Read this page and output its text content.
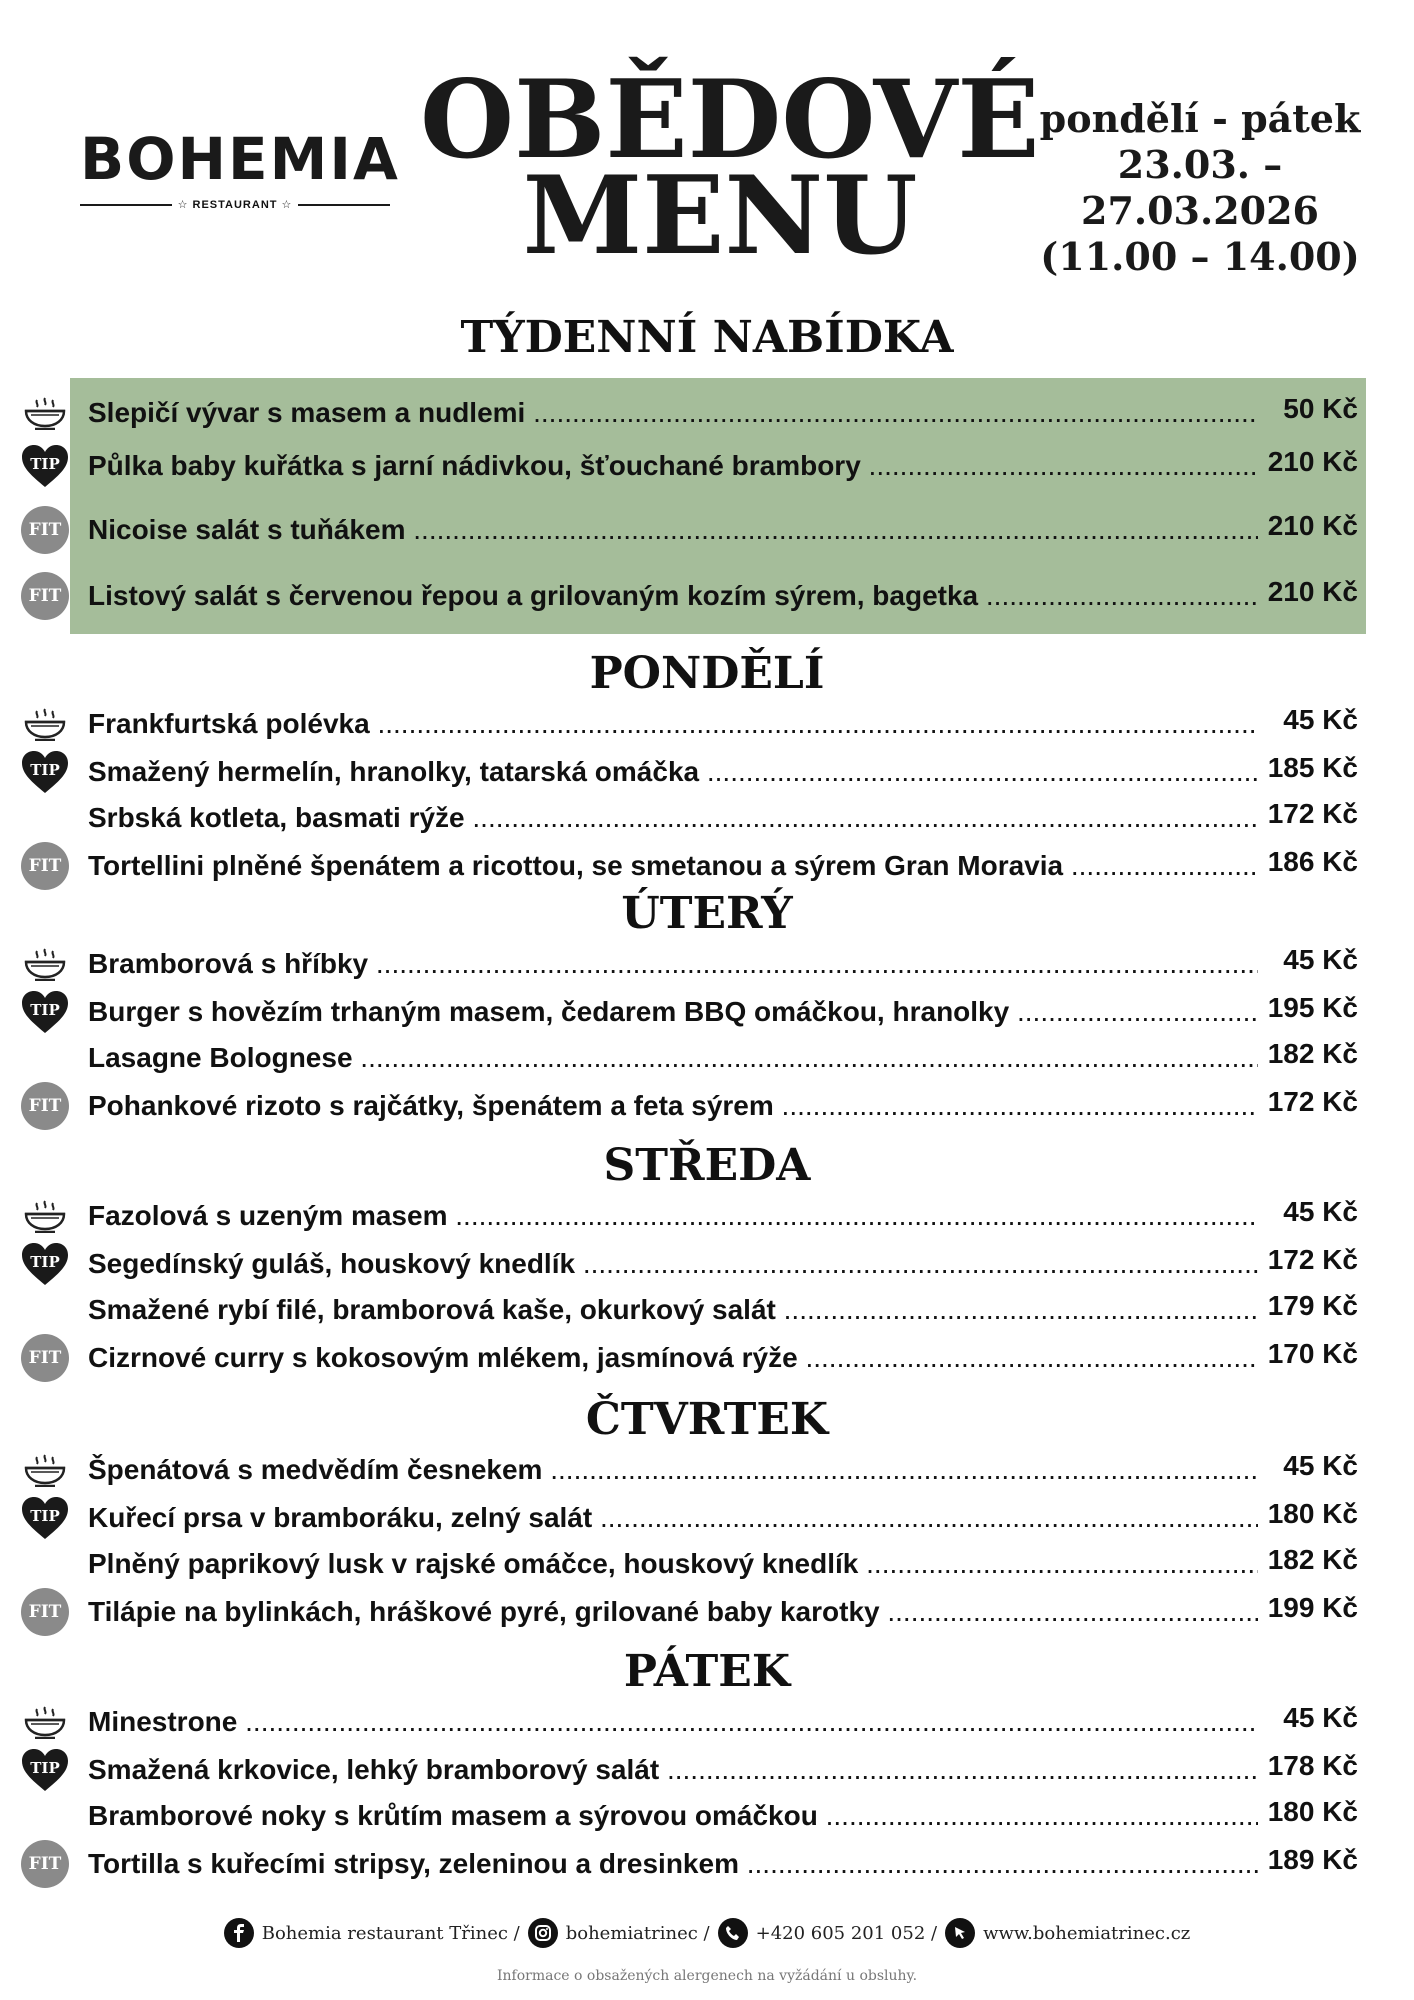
BOHEMIA
☆ RESTAURANT ☆
OBĚDOVÉ
MENU
pondělí - pátek
23.03. – 27.03.2026
(11.00 – 14.00)
TÝDENNÍ NABÍDKA
Slepičí vývar s masem a nudlemi .....	50 Kč
TIP	Půlka baby kuřátka s jarní nádivkou, šťouchané brambory .....	210 Kč
FIT Nicoise salát s tuňákem .....	210 Kč
FIT Listový salát s červenou řepou a grilovaným kozím sýrem, bagetka .....	210 Kč
PONDĚLÍ
Frankfurtská polévka .....	45 Kč
TIP	Smažený hermelín, hranolky, tatarská omáčka .....	185 Kč
Srbská kotleta, basmati rýže .....	172 Kč
FIT Tortellini plněné špenátem a ricottou, se smetanou a sýrem Gran Moravia .....	186 Kč
ÚTERÝ
Bramborová s hříbky .....	45 Kč
TIP	Burger s hovězím trhaným masem, čedarem BBQ omáčkou, hranolky .....	195 Kč
Lasagne Bolognese .....	182 Kč
FIT Pohankové rizoto s rajčátky, špenátem a feta sýrem .....	172 Kč
STŘEDA
Fazolová s uzeným masem .....	45 Kč
TIP	Segedínský guláš, houskový knedlík .....	172 Kč
Smažené rybí filé, bramborová kaše, okurkový salát .....	179 Kč
FIT Cizrnové curry s kokosovým mlékem, jasmínová rýže .....	170 Kč
ČTVRTEK
Špenátová s medvědím česnekem .....	45 Kč
TIP	Kuřecí prsa v bramboráku, zelný salát .....	180 Kč
Plněný paprikový lusk v rajské omáčce, houskový knedlík .....	182 Kč
FIT Tilápie na bylinkách, hráškové pyré, grilované baby karotky .....	199 Kč
PÁTEK
Minestrone .....	45 Kč
TIP	Smažená krkovice, lehký bramborový salát .....	178 Kč
Bramborové noky s krůtím masem a sýrovou omáčkou .....	180 Kč
FIT Tortilla s kuřecími stripsy, zeleninou a dresinkem .....	189 Kč
Bohemia restaurant Třinec /	bohemiatrinec /	+420 605 201 052 /	www.bohemiatrinec.cz
Informace o obsažených alergenech na vyžádání u obsluhy.
